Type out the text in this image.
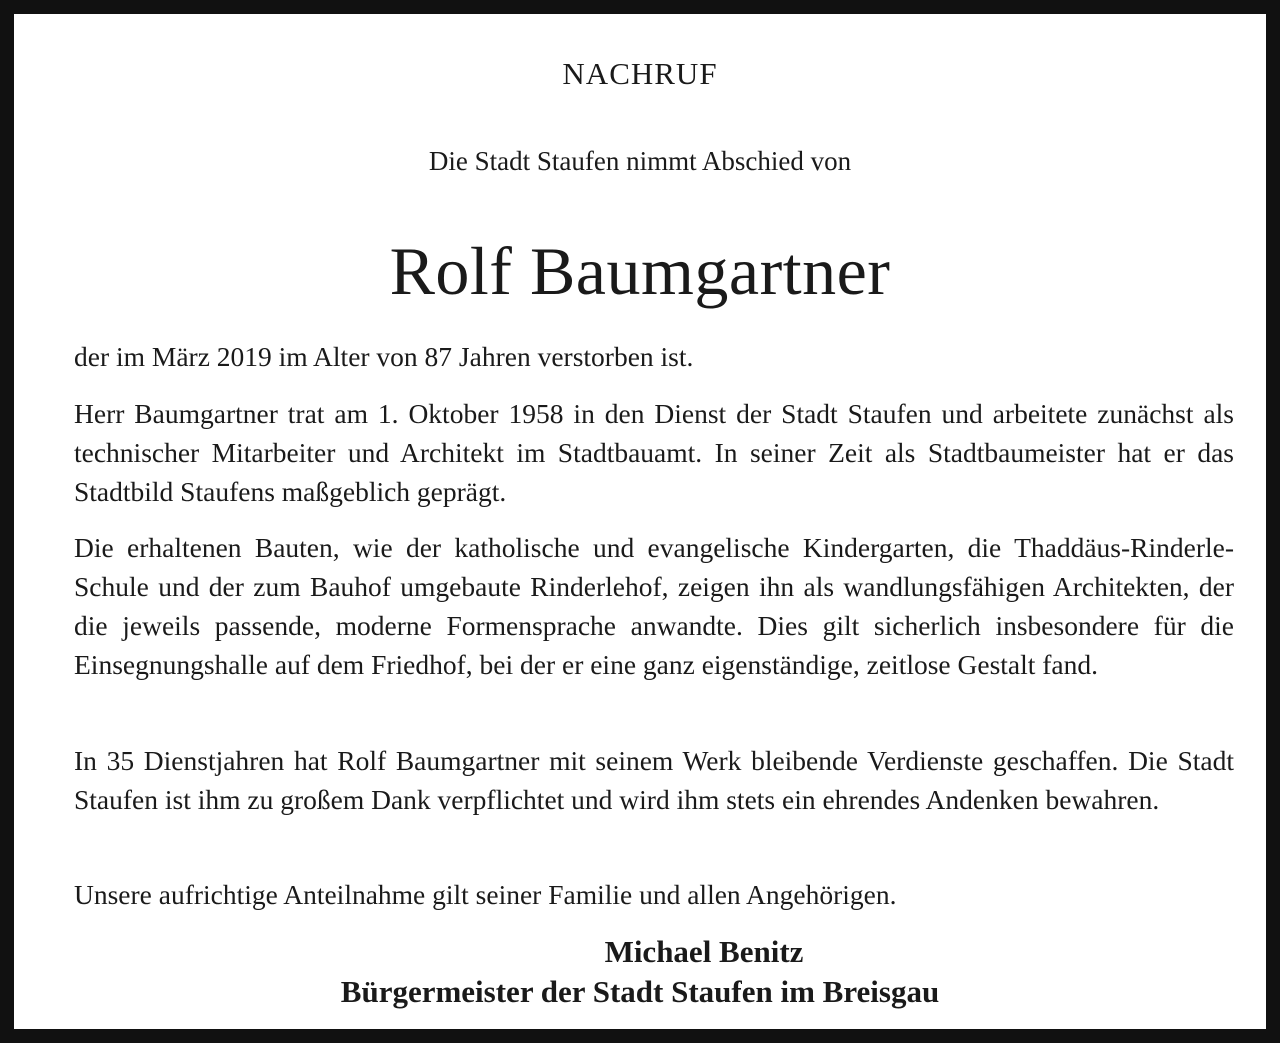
NACHRUF

Die Stadt Staufen nimmt Abschied von

Rolf Baumgartner

der im März 2019 im Alter von 87 Jahren verstorben ist.

Herr Baumgartner trat am 1. Oktober 1958 in den Dienst der Stadt Staufen und arbeitete zunächst als technischer Mitarbeiter und Architekt im Stadtbauamt. In seiner Zeit als Stadtbaumeister hat er das Stadtbild Staufens maßgeblich geprägt.

Die erhaltenen Bauten, wie der katholische und evangelische Kindergarten, die Thaddäus-Rinderle-Schule und der zum Bauhof umgebaute Rinderlehof, zeigen ihn als wandlungsfähigen Architekten, der die jeweils passende, moderne Formensprache anwandte. Dies gilt sicherlich insbesondere für die Einsegnungshalle auf dem Friedhof, bei der er eine ganz eigenständige, zeitlose Gestalt fand.

In 35 Dienstjahren hat Rolf Baumgartner mit seinem Werk bleibende Verdienste geschaffen. Die Stadt Staufen ist ihm zu großem Dank verpflichtet und wird ihm stets ein ehrendes Andenken bewahren.

Unsere aufrichtige Anteilnahme gilt seiner Familie und allen Angehörigen.

Michael Benitz

Bürgermeister der Stadt Staufen im Breisgau
